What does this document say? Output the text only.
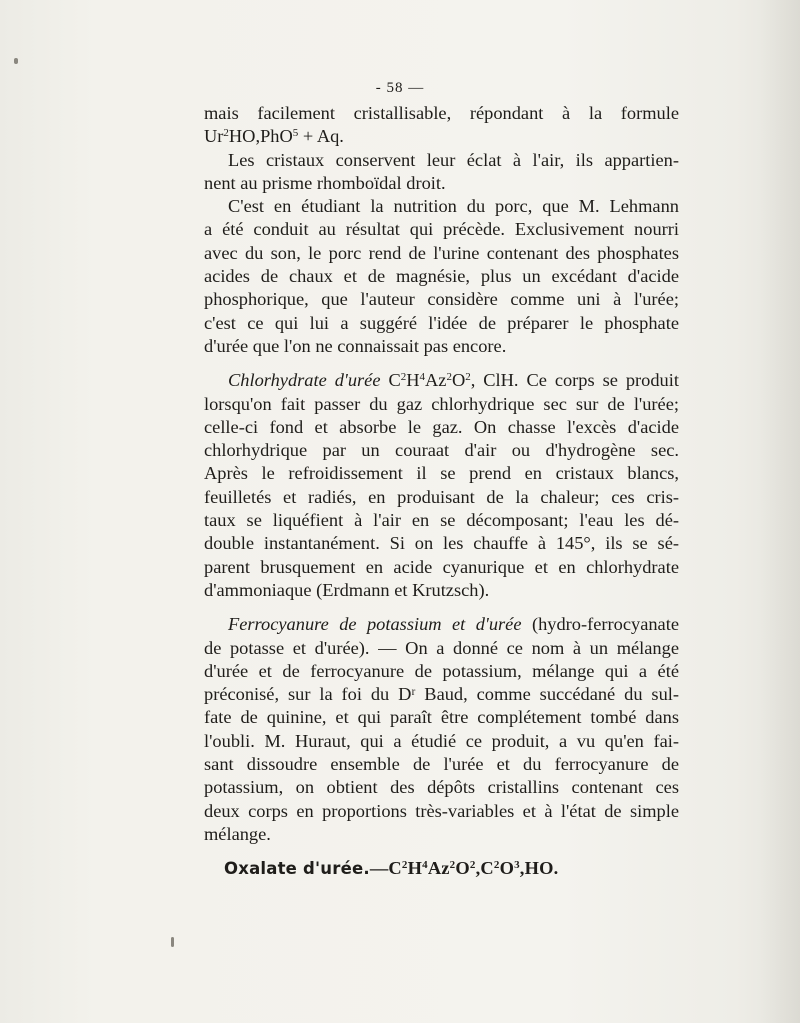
- 58 —
mais facilement cristallisable, répondant à la formule
$Ur^2HO,PhO^5 + Aq$.
Les cristaux conservent leur éclat à l'air, ils appartien-
nent au prisme rhomboïdal droit.
C'est en étudiant la nutrition du porc, que M. Lehmann
a été conduit au résultat qui précède. Exclusivement nourri
avec du son, le porc rend de l'urine contenant des phosphates
acides de chaux et de magnésie, plus un excédant d'acide
phosphorique, que l'auteur considère comme uni à l'urée;
c'est ce qui lui a suggéré l'idée de préparer le phosphate
d'urée que l'on ne connaissait pas encore.
Chlorhydrate d'urée $C^2H^4Az^2O^2$, ClH. Ce corps se produit
lorsqu'on fait passer du gaz chlorhydrique sec sur de l'urée;
celle-ci fond et absorbe le gaz. On chasse l'excès d'acide
chlorhydrique par un couraat d'air ou d'hydrogène sec.
Après le refroidissement il se prend en cristaux blancs,
feuilletés et radiés, en produisant de la chaleur; ces cris-
taux se liquéfient à l'air en se décomposant; l'eau les dé-
double instantanément. Si on les chauffe à 145°, ils se sé-
parent brusquement en acide cyanurique et en chlorhydrate
d'ammoniaque (Erdmann et Krutzsch).
Ferrocyanure de potassium et d'urée (hydro-ferrocyanate
de potasse et d'urée). — On a donné ce nom à un mélange
d'urée et de ferrocyanure de potassium, mélange qui a été
préconisé, sur la foi du Dʳ Baud, comme succédané du sul-
fate de quinine, et qui paraît être complétement tombé dans
l'oubli. M. Huraut, qui a étudié ce produit, a vu qu'en fai-
sant dissoudre ensemble de l'urée et du ferrocyanure de
potassium, on obtient des dépôts cristallins contenant ces
deux corps en proportions très-variables et à l'état de simple
mélange.
Oxalate $d'urée.—C^2H^4Az^2O^2,C^2O^3,HO$.
